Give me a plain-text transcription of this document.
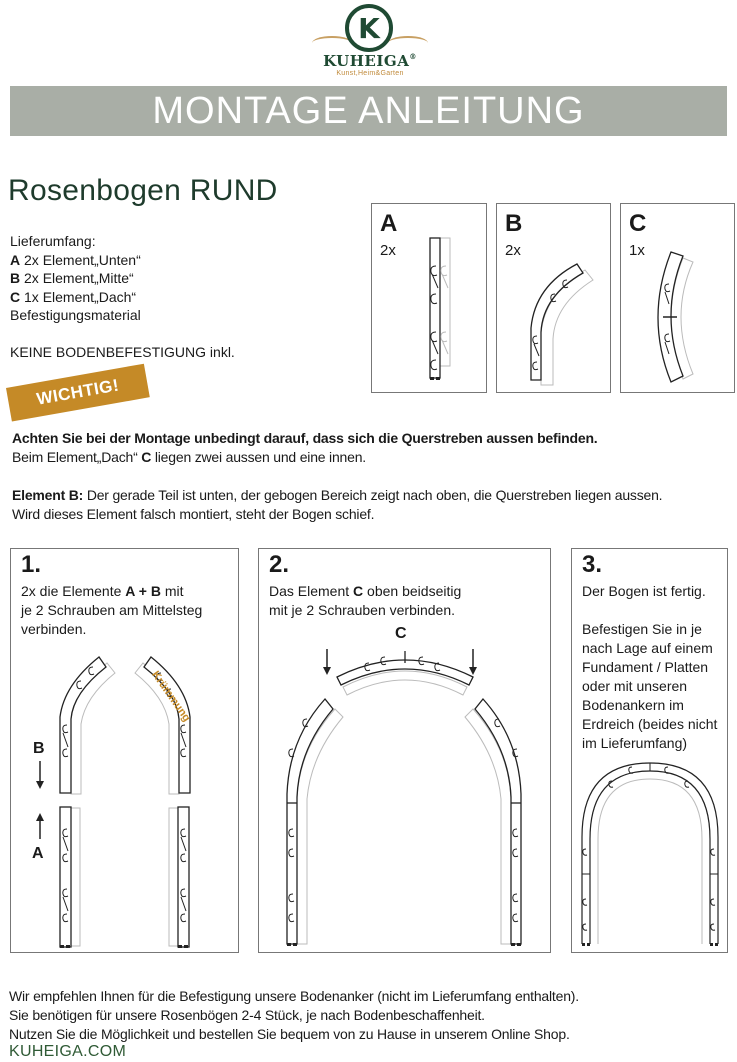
K
KUHEIGA®
Kunst,Heim&Garten
MONTAGE ANLEITUNG
Rosenbogen RUND
Lieferumfang:
A 2x Element„Unten“
B 2x Element„Mitte“
C 1x Element„Dach“
Befestigungsmaterial
KEINE BODENBEFESTIGUNG inkl.
A
2x
B
2x
C
1x
WICHTIG!
Achten Sie bei der Montage unbedingt darauf, dass sich die Querstreben aussen befinden.
Beim Element„Dach“ C liegen zwei aussen und eine innen.
Element B: Der gerade Teil ist unten, der gebogen Bereich zeigt nach oben, die Querstreben liegen aussen.
Wird dieses Element falsch montiert, steht der Bogen schief.
1.
2x die Elemente A + B mit
je 2 Schrauben am Mittelsteg
verbinden.
B
A
Krümmung
2.
Das Element C oben beidseitig
mit je 2 Schrauben verbinden.
C
3.
Der Bogen ist fertig.
Befestigen Sie in je
nach Lage auf einem
Fundament / Platten
oder mit unseren
Bodenankern im
Erdreich (beides nicht
im Lieferumfang)
Wir empfehlen Ihnen für die Befestigung unsere Bodenanker (nicht im Lieferumfang enthalten).
Sie benötigen für unsere Rosenbögen 2-4 Stück, je nach Bodenbeschaffenheit.
Nutzen Sie die Möglichkeit und bestellen Sie bequem von zu Hause in unserem Online Shop.
KUHEIGA.COM
